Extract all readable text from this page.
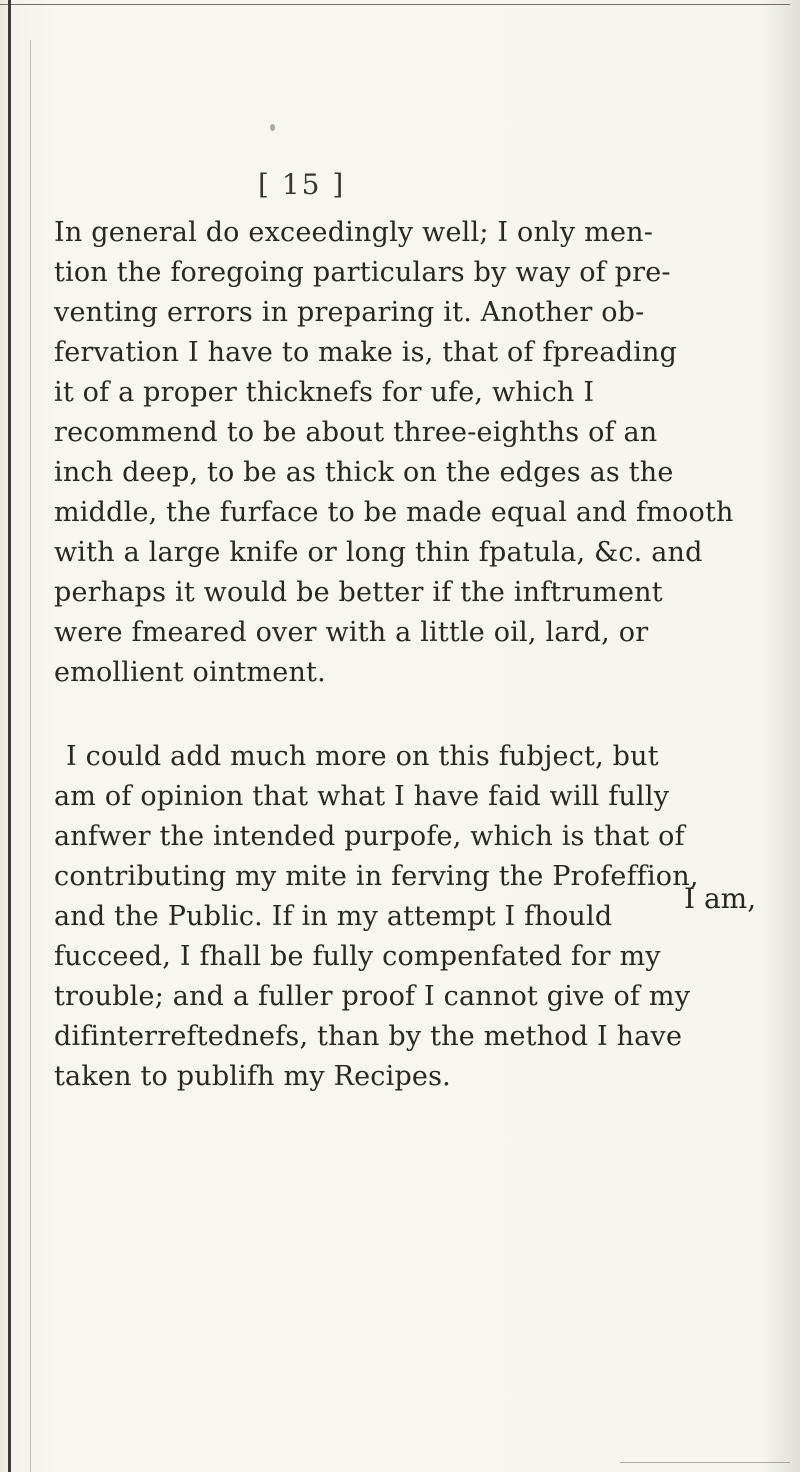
[ 15 ]
In general do exceedingly well; I only men-
tion the foregoing particulars by way of pre-
venting errors in preparing it. Another ob-
fervation I have to make is, that of fpreading
it of a proper thicknefs for ufe, which I
recommend to be about three-eighths of an
inch deep, to be as thick on the edges as the
middle, the furface to be made equal and fmooth
with a large knife or long thin fpatula, &c. and
perhaps it would be better if the inftrument
were fmeared over with a little oil, lard, or
emollient ointment.
I could add much more on this fubject, but
am of opinion that what I have faid will fully
anfwer the intended purpofe, which is that of
contributing my mite in ferving the Profeffion,
and the Public. If in my attempt I fhould
fucceed, I fhall be fully compenfated for my
trouble; and a fuller proof I cannot give of my
difinterreftednefs, than by the method I have
taken to publifh my Recipes.
I am,
